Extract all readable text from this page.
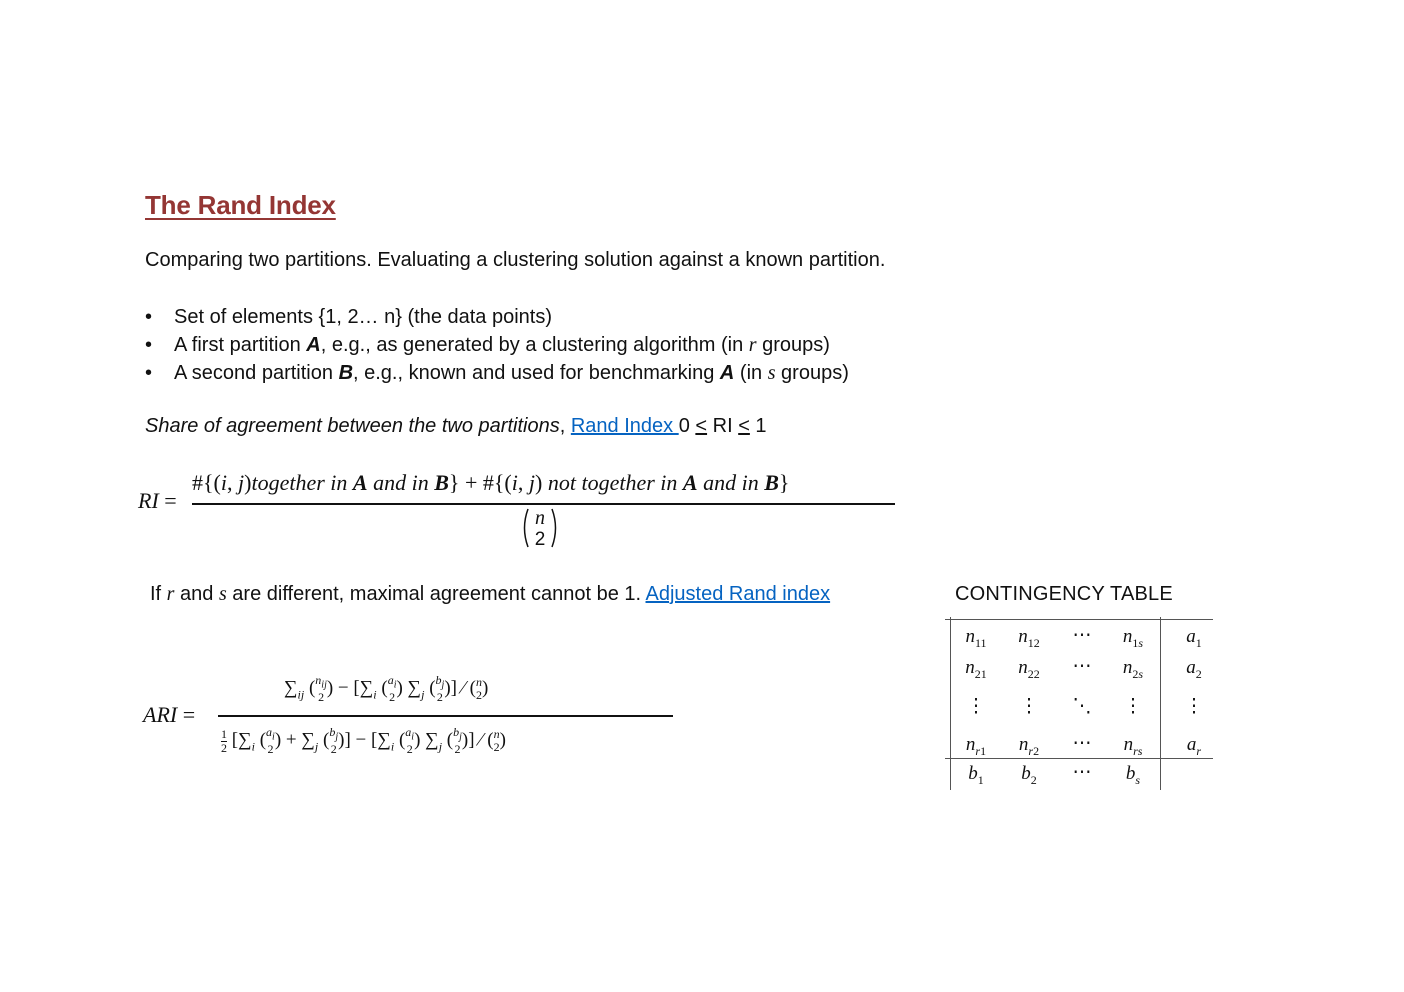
The Rand Index
Comparing two partitions. Evaluating a clustering solution against a known partition.
• Set of elements {1, 2… n} (the data points)
• A first partition A, e.g., as generated by a clustering algorithm (in r groups)
• A second partition B, e.g., known and used for benchmarking A (in s groups)
Share of agreement between the two partitions, Rand Index 0 < RI < 1
RI =
#{(i, j)together in A and in B} + #{(i, j) not together in A and in B}
n
2
If r and s are different, maximal agreement cannot be 1. Adjusted Rand index	CONTINGENCY TABLE
ARI =
$\sum_{ij}$ ( $n_{ij}$
2 ) − [$\sum_i$ ( $a_i$
2 ) $\sum_j$ ( $b_j$
2 )] ⁄ ( n
2 )
$\frac{1}{2} [\sum_i$ ( $a_i$
2 ) + $\sum_j$ ( $b_j$
2 )] − [$\sum_i$ ( $a_i$
2 ) $\sum_j$ ( $b_j$
2 )] ⁄ ( n
2 )
$n_{11}$ $n_{12}$ ⋯ $n_{1s}$ $a_1$
$n_{21}$ $n_{22}$ ⋯ $n_{2s}$ $a_2$
⋮ ⋮ ⋱ ⋮ ⋮
$n_{r1}$ $n_{r2}$ ⋯ $n_{rs}$ $a_r$
$b_1$ $b_2$ ⋯ $b_s$
